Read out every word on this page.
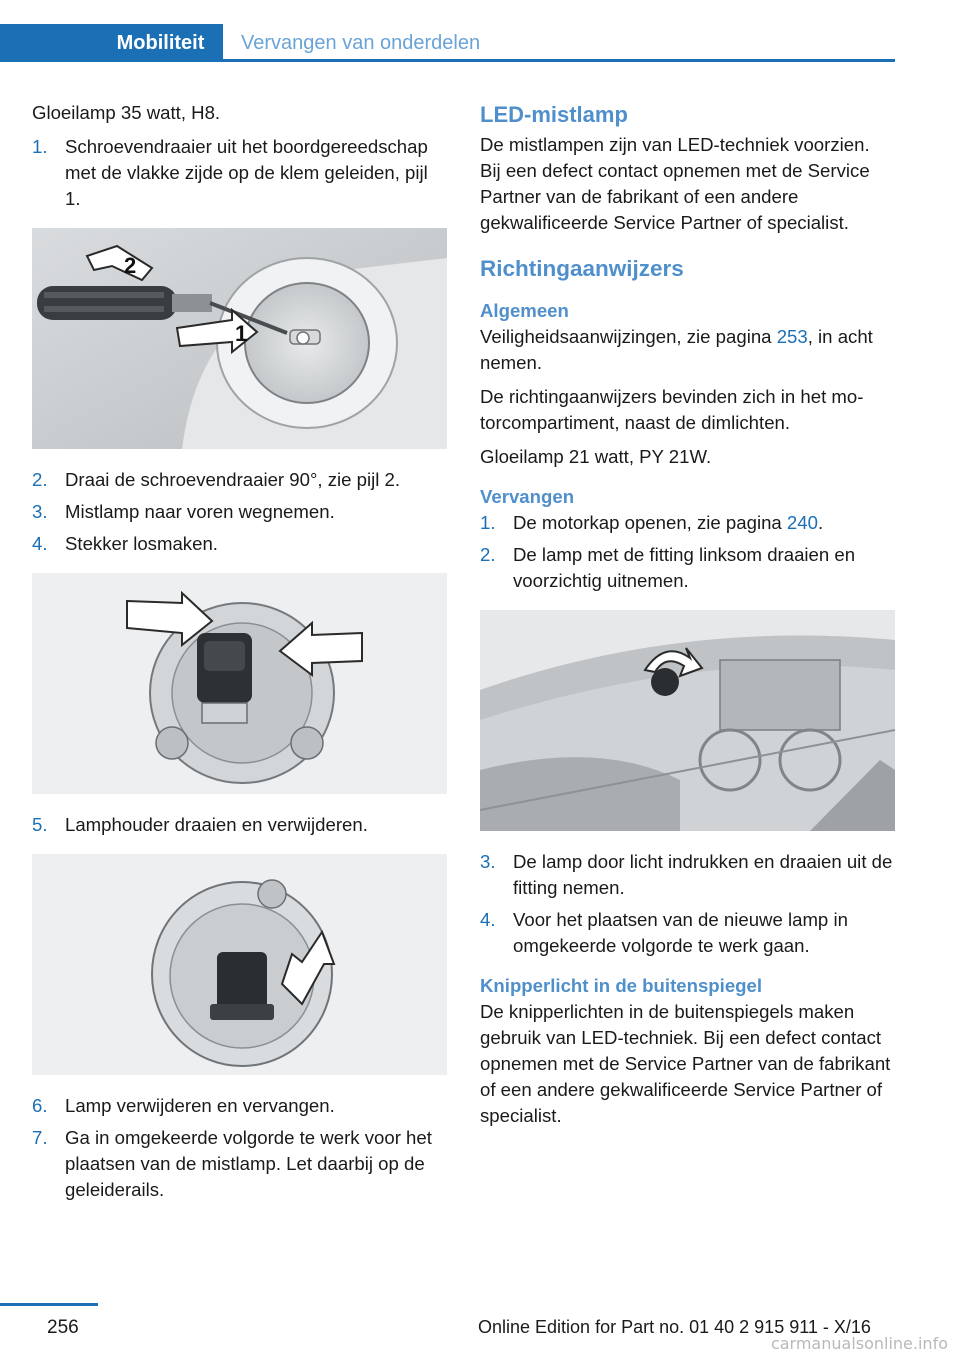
Mobiliteit	Vervangen van onderdelen

Gloeilamp 35 watt, H8.

1. Schroevendraaier uit het boordgereedschap met de vlakke zijde op de klem geleiden, pijl 1.
2
1
2. Draai de schroevendraaier 90°, zie pijl 2.
3. Mistlamp naar voren wegnemen.
4. Stekker losmaken.
5. Lamphouder draaien en verwijderen.
6. Lamp verwijderen en vervangen.
7. Ga in omgekeerde volgorde te werk voor het plaatsen van de mistlamp. Let daarbij op de geleiderails.
LED-mistlamp

De mistlampen zijn van LED-techniek voorzien. Bij een defect contact opnemen met de Service Partner van de fabrikant of een andere gekwalificeerde Service Partner of specialist.

Richtingaanwijzers
Algemeen

Veiligheidsaanwijzingen, zie pagina 253, in acht nemen.

De richtingaanwijzers bevinden zich in het motorcompartiment, naast de dimlichten.

Gloeilamp 21 watt, PY 21W.

Vervangen
1. De motorkap openen, zie pagina 240.
2. De lamp met de fitting linksom draaien en voorzichtig uitnemen.
3. De lamp door licht indrukken en draaien uit de fitting nemen.
4. Voor het plaatsen van de nieuwe lamp in omgekeerde volgorde te werk gaan.
Knipperlicht in de buitenspiegel

De knipperlichten in de buitenspiegels maken gebruik van LED-techniek. Bij een defect contact opnemen met de Service Partner van de fabrikant of een andere gekwalificeerde Service Partner of specialist.

256	Online Edition for Part no. 01 40 2 915 911 - X/16
carmanualsonline.info
